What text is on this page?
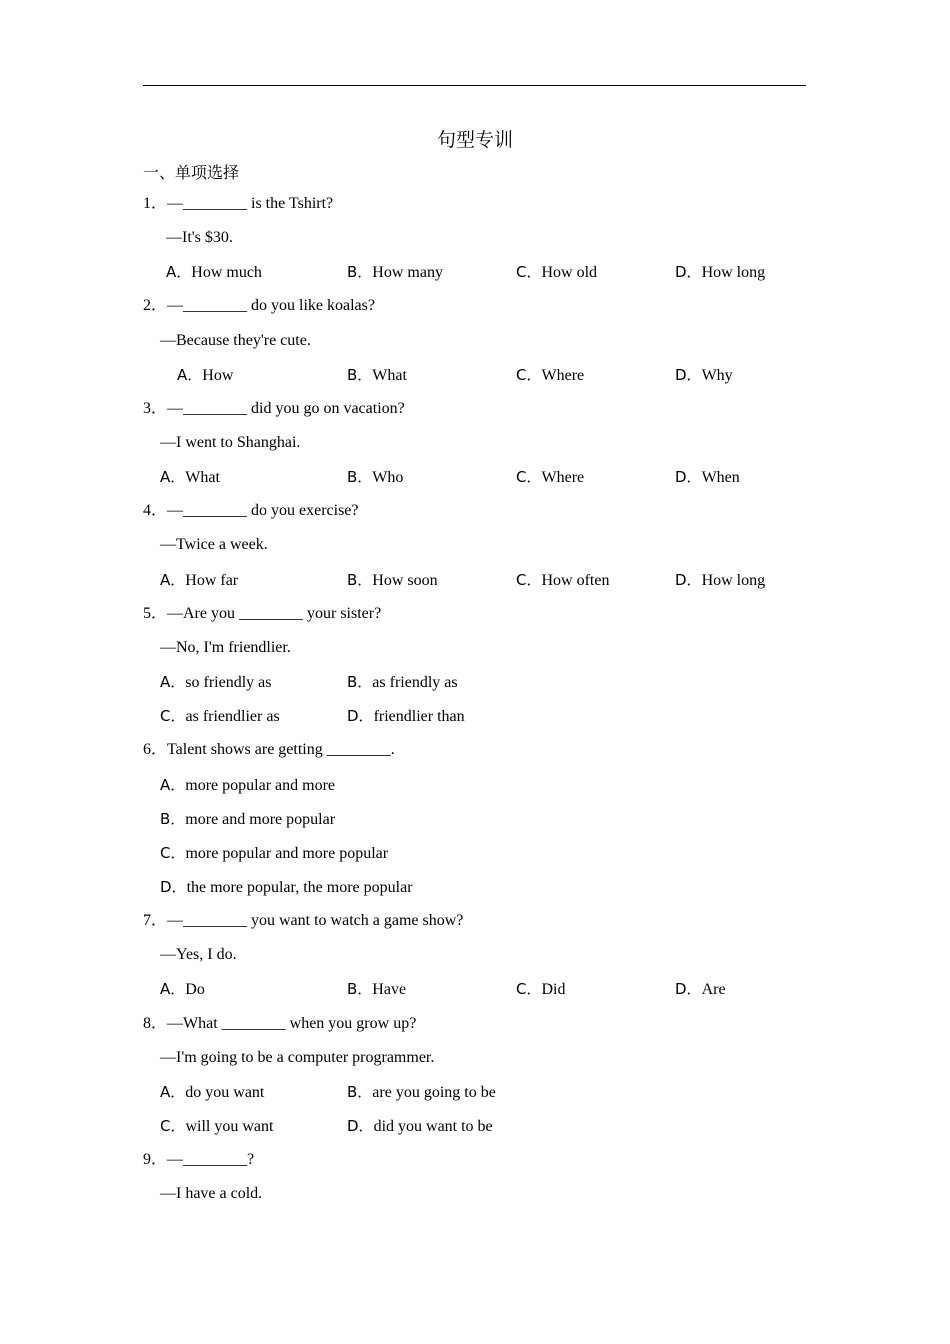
句型专训
一、单项选择
1．—________ is the Tshirt?
—It's $30.
A．How much	B．How many	C．How old	D．How long
2．—________ do you like koalas?
—Because they're cute.
A．How	B．What	C．Where	D．Why
3．—________ did you go on vacation?
—I went to Shanghai.
A．What	B．Who	C．Where	D．When
4．—________ do you exercise?
—Twice a week.
A．How far	B．How soon	C．How often	D．How long
5．—Are you ________ your sister?
—No, I'm friendlier.
A．so friendly as	B．as friendly as
C．as friendlier as	D．friendlier than
6．Talent shows are getting ________.
A．more popular and more
B．more and more popular
C．more popular and more popular
D．the more popular, the more popular
7．—________ you want to watch a game show?
—Yes, I do.
A．Do	B．Have	C．Did	D．Are
8．—What ________ when you grow up?
—I'm going to be a computer programmer.
A．do you want	B．are you going to be
C．will you want	D．did you want to be
9．—________?
—I have a cold.
